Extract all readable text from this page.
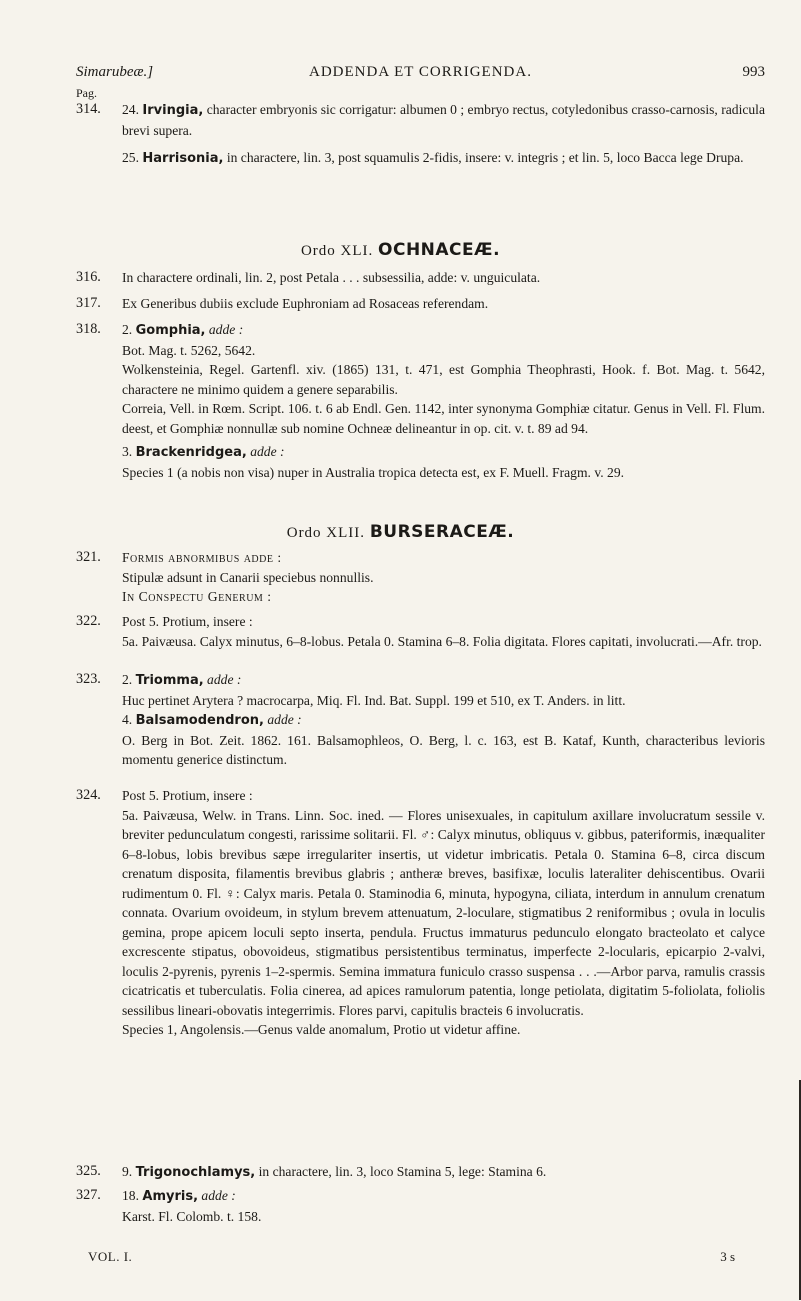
Simarubeæ.]	ADDENDA ET CORRIGENDA.	993
Pag.
314. 24. Irvingia, character embryonis sic corrigatur: albumen 0 ; embryo rectus, cotyledonibus crasso-carnosis, radicula brevi supera.
25. Harrisonia, in charactere, lin. 3, post squamulis 2-fidis, insere: v. integris ; et lin. 5, loco Bacca lege Drupa.
Ordo XLI. OCHNACEÆ.
316. In charactere ordinali, lin. 2, post Petala . . . subsessilia, adde: v. unguiculata.
317. Ex Generibus dubiis exclude Euphroniam ad Rosaceas referendam.
318. 2. Gomphia, adde :
Bot. Mag. t. 5262, 5642.
Wolkensteinia, Regel. Gartenfl. xiv. (1865) 131, t. 471, est Gomphia Theophrasti, Hook. f. Bot. Mag. t. 5642, charactere ne minimo quidem a genere separabilis.
Correia, Vell. in Rœm. Script. 106. t. 6 ab Endl. Gen. 1142, inter synonyma Gomphiæ citatur. Genus in Vell. Fl. Flum. deest, et Gomphiæ nonnullæ sub nomine Ochneæ delineantur in op. cit. v. t. 89 ad 94.
3. Brackenridgea, adde :
Species 1 (a nobis non visa) nuper in Australia tropica detecta est, ex F. Muell. Fragm. v. 29.
Ordo XLII. BURSERACEÆ.
321. Formis abnormibus adde :
Stipulæ adsunt in Canarii speciebus nonnullis.
In Conspectu Generum :
322. Post 5. Protium, insere :
5a. Paivæusa. Calyx minutus, 6–8-lobus. Petala 0. Stamina 6–8. Folia digitata. Flores capitati, involucrati.—Afr. trop.
323. 2. Triomma, adde :
Huc pertinet Arytera ? macrocarpa, Miq. Fl. Ind. Bat. Suppl. 199 et 510, ex T. Anders. in litt.
4. Balsamodendron, adde :
O. Berg in Bot. Zeit. 1862. 161. Balsamophleos, O. Berg, l. c. 163, est B. Kataf, Kunth, characteribus levioris momentu generice distinctum.
324. Post 5. Protium, insere :
5a. Paivæusa, Welw. in Trans. Linn. Soc. ined. — Flores unisexuales, in capitulum axillare involucratum sessile v. breviter pedunculatum congesti, rarissime solitarii. Fl. ♂: Calyx minutus, obliquus v. gibbus, pateriformis, inæqualiter 6–8-lobus, lobis brevibus sæpe irregulariter insertis, ut videtur imbricatis. Petala 0. Stamina 6–8, circa discum crenatum disposita, filamentis brevibus glabris ; antheræ breves, basifixæ, loculis lateraliter dehiscentibus. Ovarii rudimentum 0. Fl. ♀: Calyx maris. Petala 0. Staminodia 6, minuta, hypogyna, ciliata, interdum in annulum crenatum connata. Ovarium ovoideum, in stylum brevem attenuatum, 2-loculare, stigmatibus 2 reniformibus ; ovula in loculis gemina, prope apicem loculi septo inserta, pendula. Fructus immaturus pedunculo elongato bracteolato et calyce excrescente stipatus, obovoideus, stigmatibus persistentibus terminatus, imperfecte 2-locularis, epicarpio 2-valvi, loculis 2-pyrenis, pyrenis 1–2-spermis. Semina immatura funiculo crasso suspensa . . .—Arbor parva, ramulis crassis cicatricatis et tuberculatis. Folia cinerea, ad apices ramulorum patentia, longe petiolata, digitatim 5-foliolata, foliolis sessilibus lineari-obovatis integerrimis. Flores parvi, capitulis bracteis 6 involucratis.
Species 1, Angolensis.—Genus valde anomalum, Protio ut videtur affine.
325. 9. Trigonochlamys, in charactere, lin. 3, loco Stamina 5, lege: Stamina 6.
327. 18. Amyris, adde :
Karst. Fl. Colomb. t. 158.
VOL. I.	3 s
